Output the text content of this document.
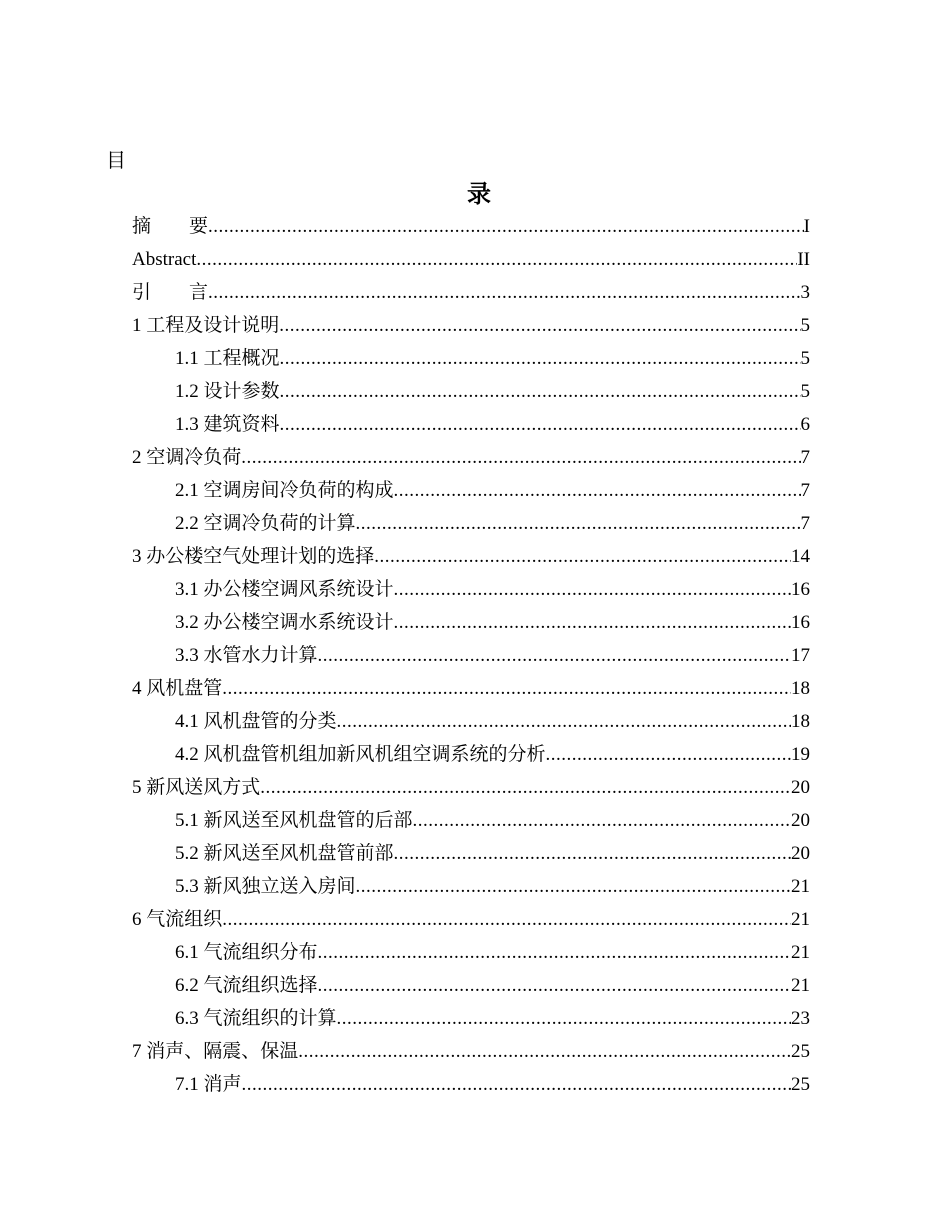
目
录
摘　　要 .....	I
Abstract .....	II
引　　言 .....	3
1 工程及设计说明 .....	5
1.1 工程概况 .....	5
1.2 设计参数 .....	5
1.3 建筑资料 .....	6
2 空调冷负荷 .....	7
2.1 空调房间冷负荷的构成 .....	7
2.2 空调冷负荷的计算 .....	7
3 办公楼空气处理计划的选择 .....	14
3.1 办公楼空调风系统设计 .....	16
3.2 办公楼空调水系统设计 .....	16
3.3 水管水力计算 .....	17
4 风机盘管 .....	18
4.1 风机盘管的分类 .....	18
4.2 风机盘管机组加新风机组空调系统的分析 .....	19
5 新风送风方式 .....	20
5.1 新风送至风机盘管的后部 .....	20
5.2 新风送至风机盘管前部 .....	20
5.3 新风独立送入房间 .....	21
6 气流组织 .....	21
6.1 气流组织分布 .....	21
6.2 气流组织选择 .....	21
6.3 气流组织的计算 .....	23
7 消声、隔震、保温 .....	25
7.1 消声 .....	25
